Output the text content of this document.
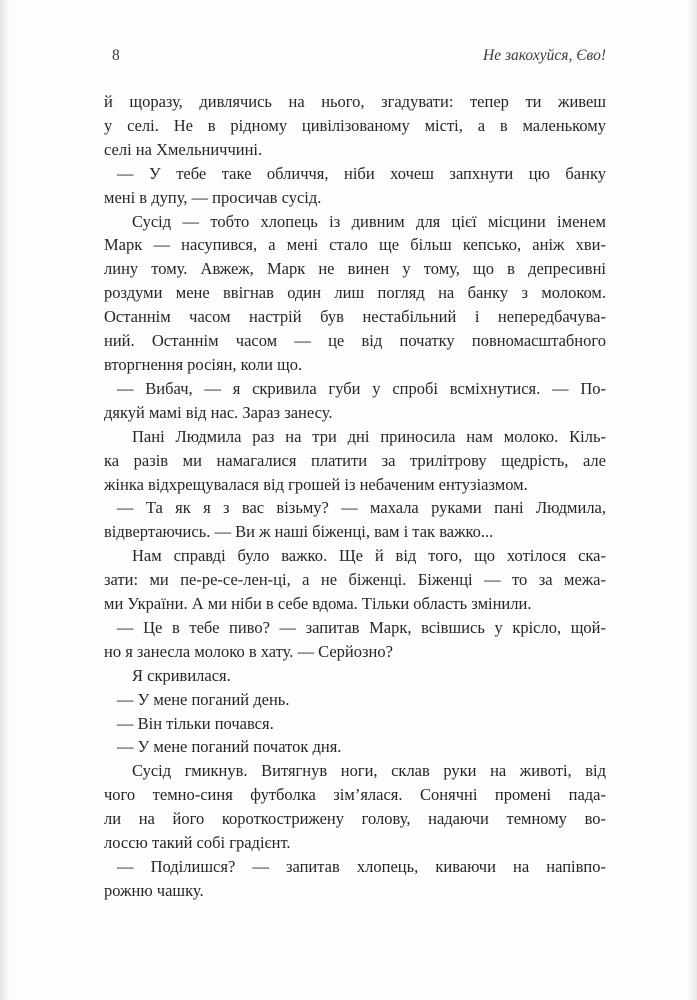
8	Не закохуйся, Єво!
й щоразу, дивлячись на нього, згадувати: тепер ти живеш
у селі. Не в рідному цивілізованому місті, а в маленькому
селі на Хмельниччині.
— У тебе таке обличчя, ніби хочеш запхнути цю банку
мені в дупу, — просичав сусід.
Сусід — тобто хлопець із дивним для цієї місцини іменем
Марк — насупився, а мені стало ще більш кепсько, аніж хви-
лину тому. Авжеж, Марк не винен у тому, що в депресивні
роздуми мене ввігнав один лиш погляд на банку з молоком.
Останнім часом настрій був нестабільний і непередбачува-
ний. Останнім часом — це від початку повномасштабного
вторгнення росіян, коли що.
— Вибач, — я скривила губи у спробі всміхнутися. — По-
дякуй мамі від нас. Зараз занесу.
Пані Людмила раз на три дні приносила нам молоко. Кіль-
ка разів ми намагалися платити за трилітрову щедрість, але
жінка відхрещувалася від грошей із небаченим ентузіазмом.
— Та як я з вас візьму? — махала руками пані Людмила,
відвертаючись. — Ви ж наші біженці, вам і так важко...
Нам справді було важко. Ще й від того, що хотілося ска-
зати: ми пе-ре-се-лен-ці, а не біженці. Біженці — то за межа-
ми України. А ми ніби в себе вдома. Тільки область змінили.
— Це в тебе пиво? — запитав Марк, всівшись у крісло, щой-
но я занесла молоко в хату. — Серйозно?
Я скривилася.
— У мене поганий день.
— Він тільки почався.
— У мене поганий початок дня.
Сусід гмикнув. Витягнув ноги, склав руки на животі, від
чого темно-синя футболка зім’ялася. Сонячні промені пада-
ли на його короткострижену голову, надаючи темному во-
лоссю такий собі градієнт.
— Поділишся? — запитав хлопець, киваючи на напівпо-
рожню чашку.
